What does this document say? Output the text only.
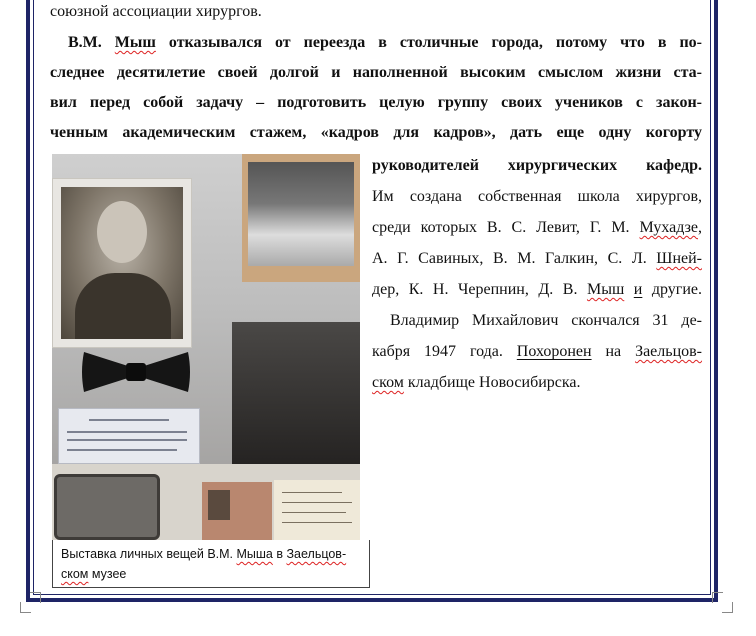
союзной ассоциации хирургов.
В.М. Мыш отказывался от переезда в столичные города, потому что в по-
следнее десятилетие своей долгой и наполненной высоким смыслом жизни ста-
вил перед собой задачу – подготовить целую группу своих учеников с закон-
ченным академическим стажем, «кадров для кадров», дать еще одну когорту
руководителей хирургических кафедр.
Им создана собственная школа хирургов,
среди которых В. С. Левит, Г. М. Мухадзе,
А. Г. Савиных, В. М. Галкин, С. Л. Шней-
дер, К. Н. Черепнин, Д. В. Мыш и другие.
Владимир Михайлович скончался 31 де-
кабря 1947 года. Похоронен на Заельцов-
ском кладбище Новосибирска.
Выставка личных вещей В.М. Мыша в Заельцов-
ском музее
